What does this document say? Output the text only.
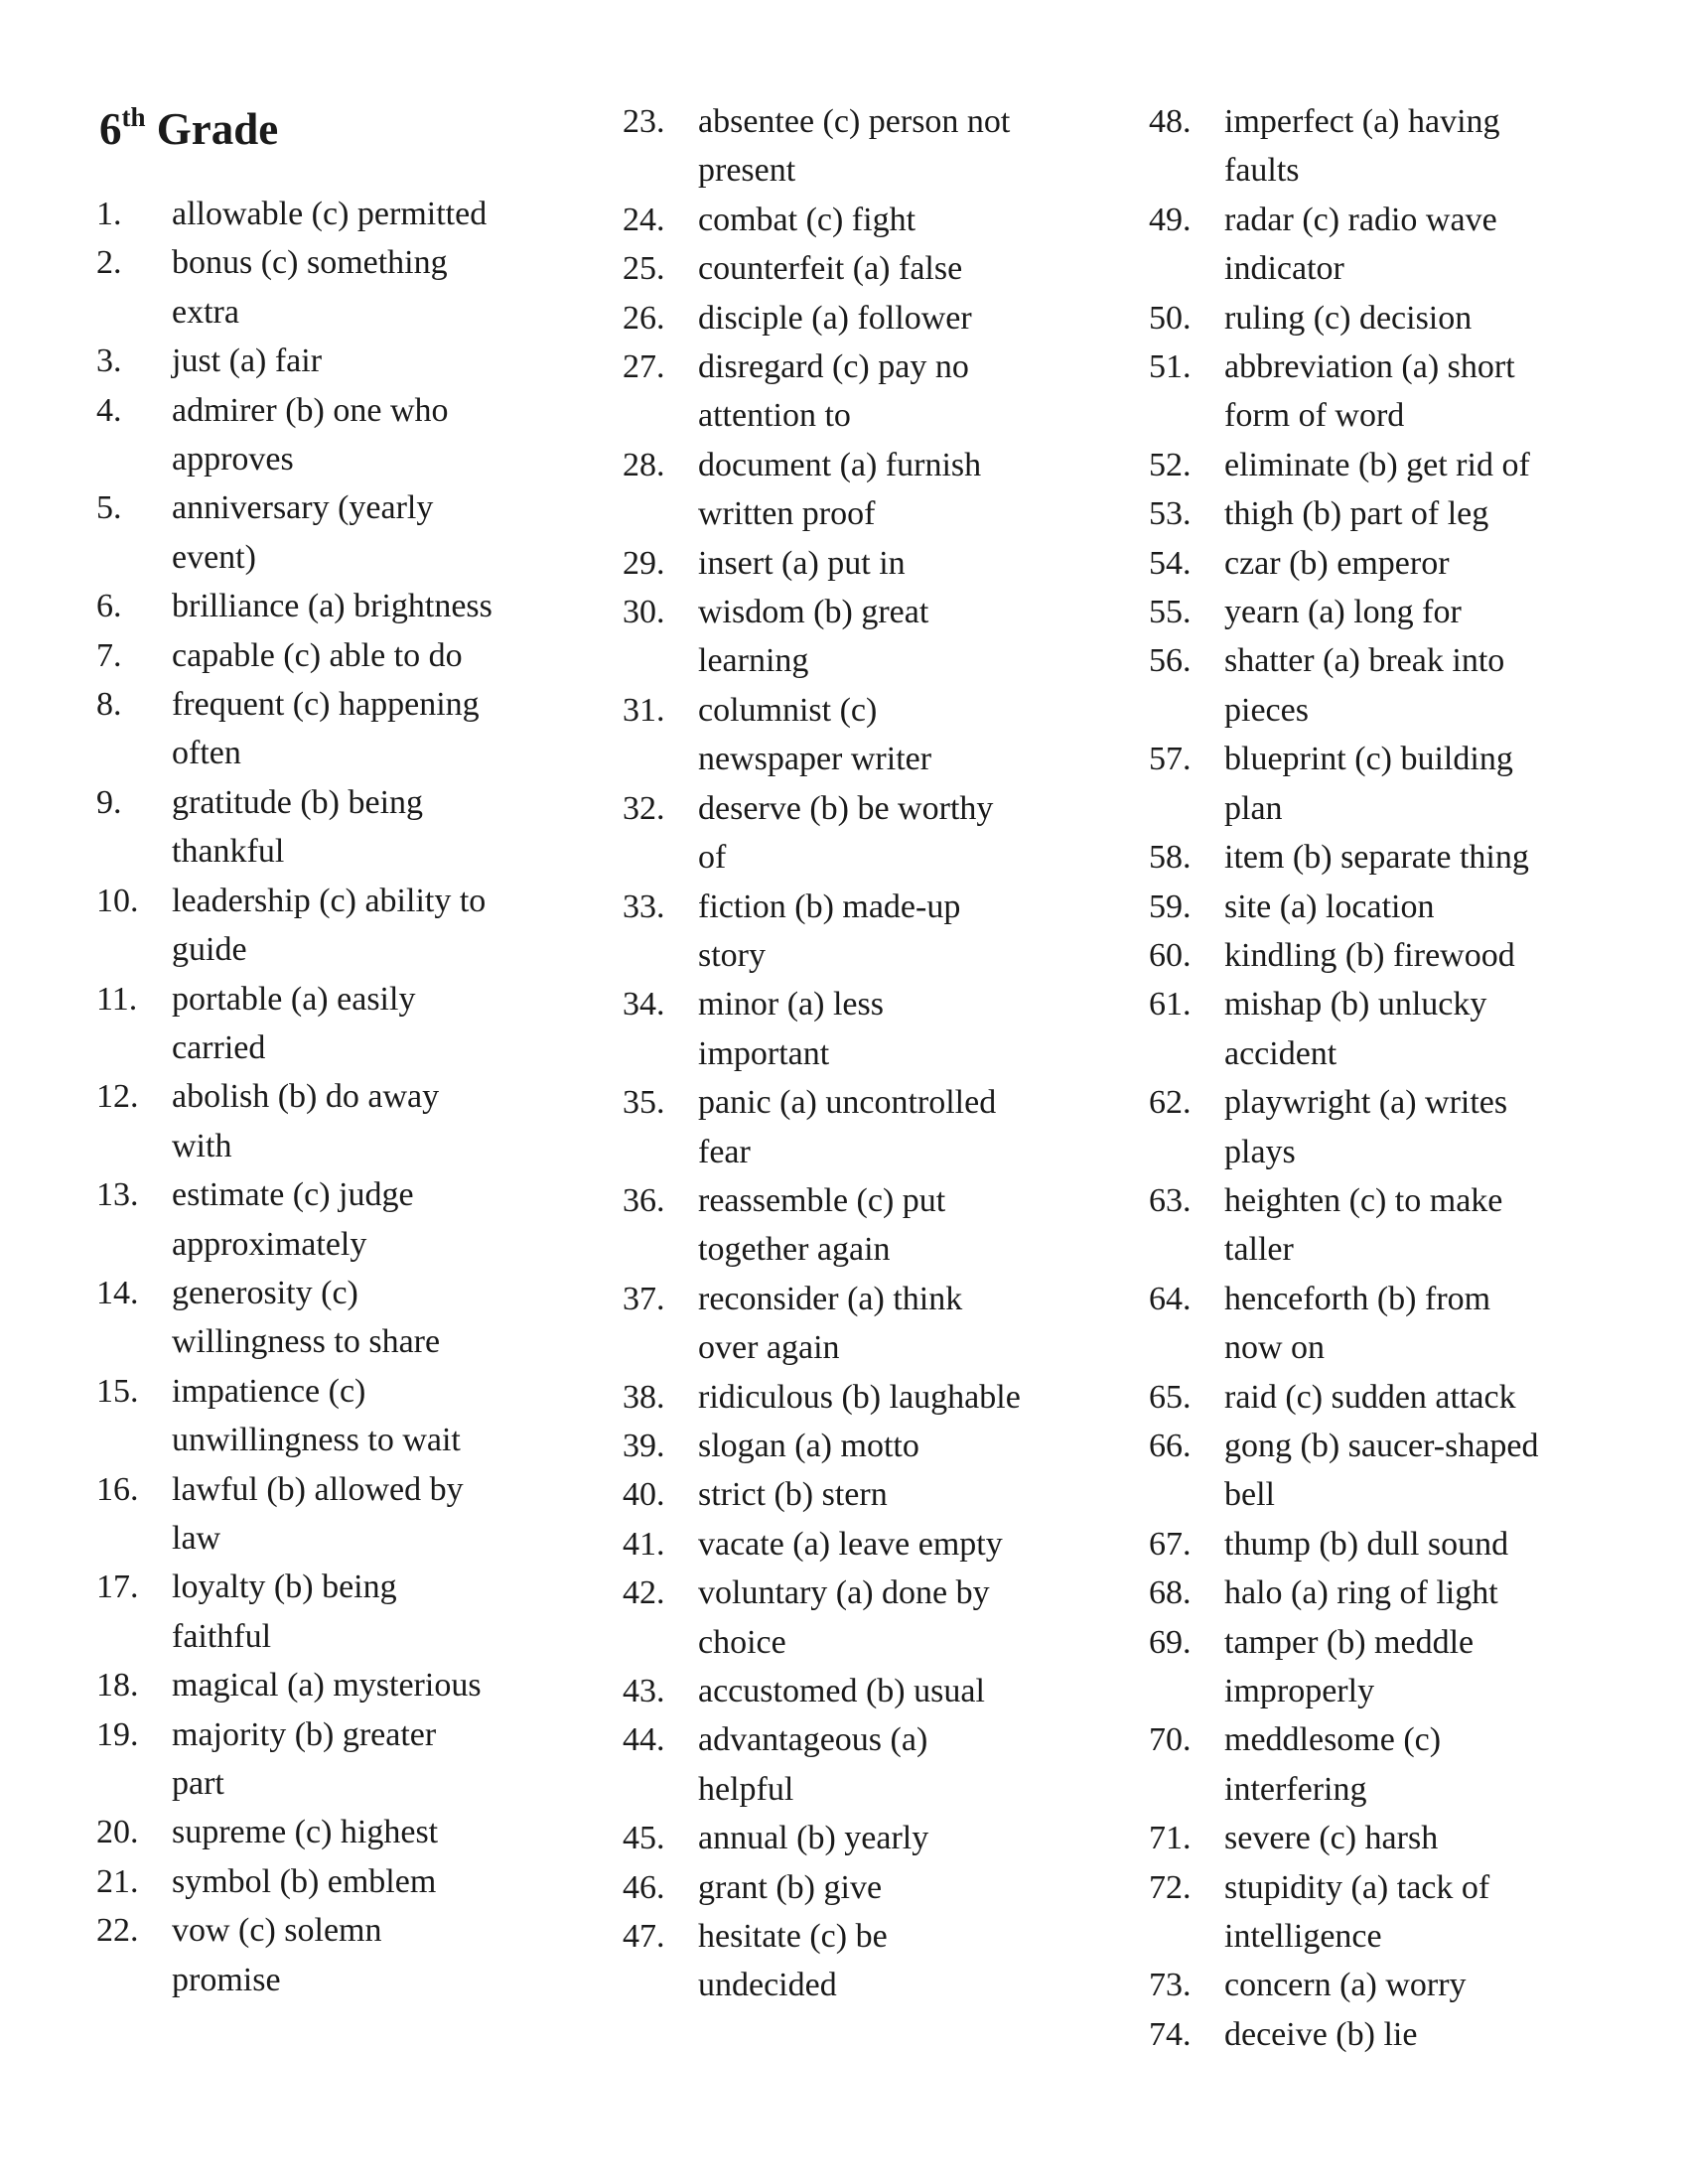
6th Grade
1.	allowable (c) permitted
2.	bonus (c) something
extra
3.	just (a) fair
4.	admirer (b) one who
approves
5.	anniversary (yearly
event)
6.	brilliance (a) brightness
7.	capable (c) able to do
8.	frequent (c) happening
often
9.	gratitude (b) being
thankful
10. leadership (c) ability to
guide
11.	portable (a) easily
carried
12. abolish (b) do away
with
13. estimate (c) judge
approximately
14. generosity (c)
willingness to share
15. impatience (c)
unwillingness to wait
16. lawful (b) allowed by
law
17. loyalty (b) being
faithful
18. magical (a) mysterious
19. majority (b) greater
part
20. supreme (c) highest
21. symbol (b) emblem
22. vow (c) solemn
promise
23. absentee (c) person not
present
24. combat (c) fight
25. counterfeit (a) false
26. disciple (a) follower
27. disregard (c) pay no
attention to
28. document (a) furnish
written proof
29. insert (a) put in
30. wisdom (b) great
learning
31. columnist (c)
newspaper writer
32. deserve (b) be worthy
of
33. fiction (b) made-up
story
34. minor (a) less
important
35. panic (a) uncontrolled
fear
36. reassemble (c) put
together again
37. reconsider (a) think
over again
38. ridiculous (b) laughable
39. slogan (a) motto
40. strict (b) stern
41. vacate (a) leave empty
42. voluntary (a) done by
choice
43. accustomed (b) usual
44. advantageous (a)
helpful
45. annual (b) yearly
46. grant (b) give
47. hesitate (c) be
undecided
48. imperfect (a) having
faults
49. radar (c) radio wave
indicator
50. ruling (c) decision
51. abbreviation (a) short
form of word
52. eliminate (b) get rid of
53. thigh (b) part of leg
54. czar (b) emperor
55. yearn (a) long for
56. shatter (a) break into
pieces
57. blueprint (c) building
plan
58. item (b) separate thing
59. site (a) location
60. kindling (b) firewood
61. mishap (b) unlucky
accident
62. playwright (a) writes
plays
63. heighten (c) to make
taller
64. henceforth (b) from
now on
65. raid (c) sudden attack
66. gong (b) saucer-shaped
bell
67. thump (b) dull sound
68. halo (a) ring of light
69. tamper (b) meddle
improperly
70. meddlesome (c)
interfering
71. severe (c) harsh
72. stupidity (a) tack of
intelligence
73. concern (a) worry
74. deceive (b) lie
